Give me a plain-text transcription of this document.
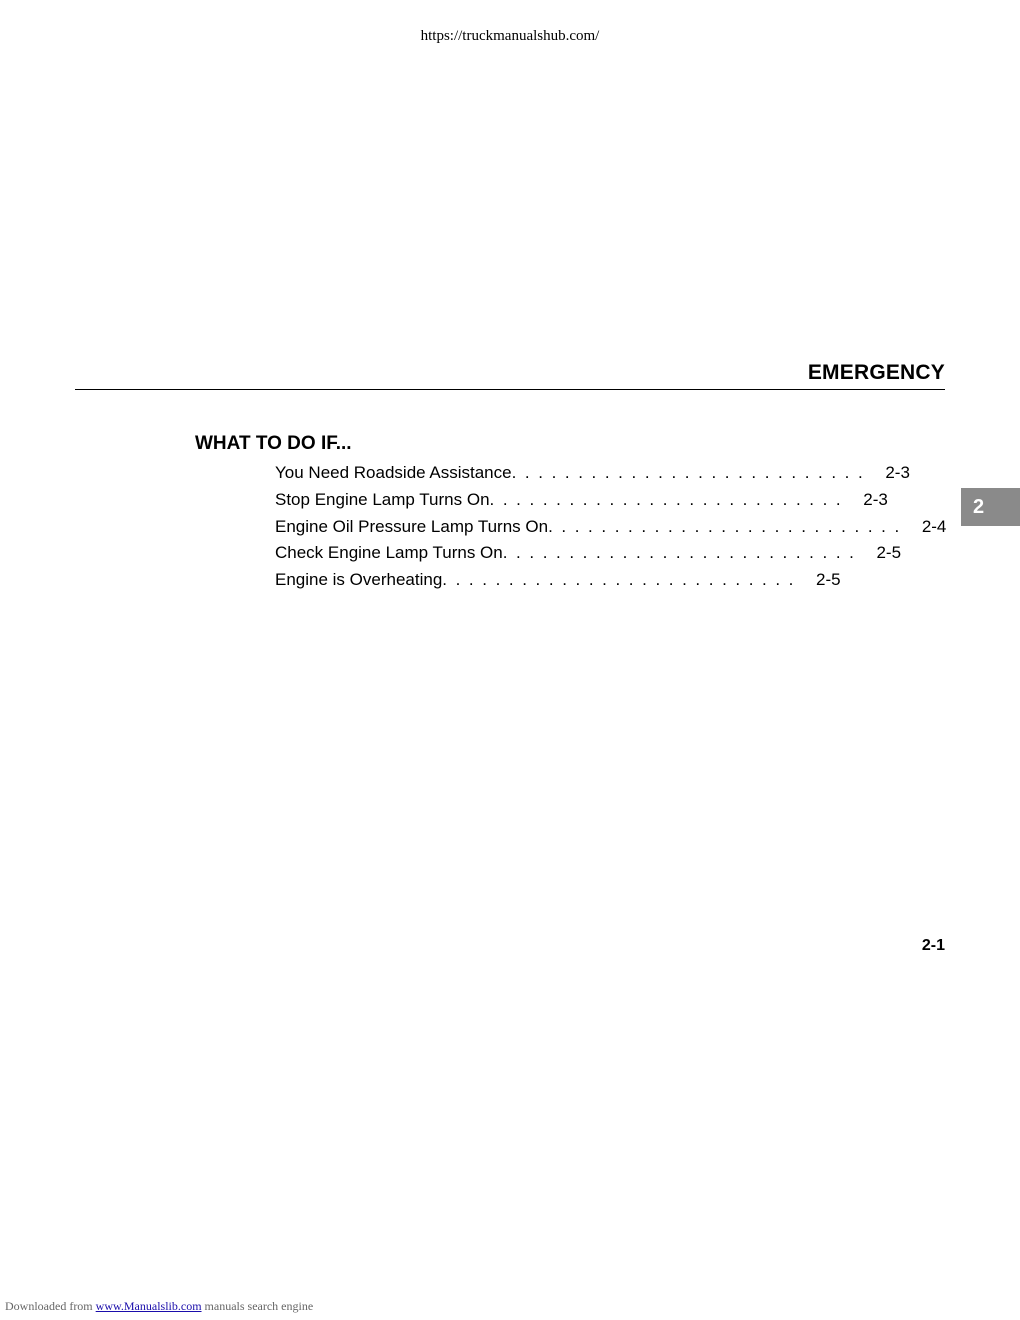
https://truckmanualshub.com/
EMERGENCY
WHAT TO DO IF...
You Need Roadside Assistance ........................... 2-3
Stop Engine Lamp Turns On ........................... 2-3
Engine Oil Pressure Lamp Turns On ........................... 2-4
Check Engine Lamp Turns On ........................... 2-5
Engine is Overheating ........................... 2-5
2
2-1
Downloaded from www.Manualslib.com manuals search engine
